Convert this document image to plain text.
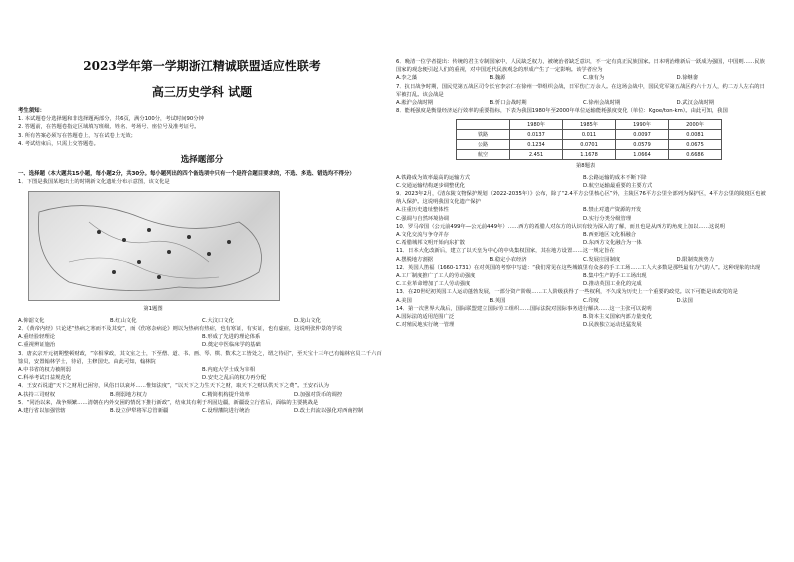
2023学年第一学期浙江精诚联盟适应性联考

高三历史学科 试题

考生须知：

1. 本试题卷分选择题和非选择题两部分，共6页，满分100分，考试时间90分钟

2. 答题前，在答题卷指定区域填写班级、姓名、考场号、座位号及准考证号。

3. 所有答案必须写在答题卷上，写在试卷上无效；

4. 考试结束后，只需上交答题卷。

选择题部分

一、选择题（本大题共15小题，每小题2分，共30分。每小题列出的四个备选项中只有一个是符合题目要求的，不选、多选、错选均不得分）

1．下图是我国某地出土的时期新文化遗址分布示意图，该文化是

第1题图

A.仰韶文化	B.红山文化	C.大汶口文化	D.龙山文化

2．《黄帝内经》只论述“热病之寒而不及其变”，而《伤寒杂病论》则以为热病有热症，也有寒证，有实证，也有虚症，这说明张仲景的学说

A.重经验轻理论	B.形成了先进的理论体系
C.重视辨证施治	D.奠定中医临床学的基础

3．唐玄宗开元初期整顿财政，“宰相掌政，其文室之士，下至僧、道、书、画、琴、棋、数术之工皆处之，谓之待诏”，至天宝十三年已有翰林官员二千六百馀员，安置翰林学士，待诏，主修国史。由此可知，翰林院

A.中书省的权力被削弱	B.内庭大学士成为宰相
C.科举考试日益规范化	D.安史之乱后的权力再分配

4．王安石说道“天下之财用已困穷，风俗日以衰坏……惟知法度”，“以天下之力生天下之财，取天下之财以供天下之费”。王安石认为

A.扶持三司财权	B.削弱地方权力	C.精简机构提升效率	D.加强对货币的调控

5．“同治以来，战争频繁……清朝在内外交困的情况下推行新政”，结束其有利于巩固边疆，新疆设立行省后，面临的主要挑战是

A.建行省以加强管辖	B.设立伊犁将军总管新疆	C.设理藩院进行统治	D.改土归流以强化对西南控制

6．晚清一位学者提出：传统的君主专制国家中，人民缺乏权力，被统治者缺乏意识，不一定有真正民族国家。日本明治维新后一跃成为强国，中国则……民族国家的观念便引起人们的重视，对中国近代民族观念的形成产生了一定影响。该学者应为

A.李之藻	B.魏源	C.康有为	D.徐继畬

7．抗日战争时期，国民党第五战区司令长官李宗仁在徐州一带组织会战，日军伤亡万余人。在这场会战中，国民党军第五战区约六十万人，约二万人左右的日军被打乱。该会战是

A.淞沪会战时期	B.忻口会战时期	C.徐州会战时期	D.武汉会战时期

8．能耗强度是衡量经济运行效率的重要指标，下表为我国1980年至2000年单位运输能耗强度变化（单位：Kgoe/ton-km）。由此可知，我国

	1980年	1985年	1990年	2000年
铁路	0.0137	0.011	0.0097	0.0081
公路	0.1234	0.0701	0.0579	0.0675
航空	2.451	1.1678	1.0664	0.6686

第8题表

A.铁路成为效率最高的运输方式	B.公路运输的成本不断下降
C.交通运输结构逐步调整优化	D.航空运输最重要的主要方式

9．2023年2月，《清东陵文物保护规划（2022-2035年）》公布，除了“2.4平方公里核心区”外，主陵区76平方公里全部列为保护区，4平方公里的陵寝区也被纳入保护。这说明我国文化遗产保护

A.注重历史遗址整体性	B.禁止对遗产资源的开发
C.强调与自然环境协调	D.实行分类分级管理

10．罗马帝国（公元前499年—公元前449年）……西方的希腊人对东方的认识有较为深入的了解，而且也是从西方的角度上加以……这说明

A.文化交流与争夺并存	B.西亚地区文化相融合
C.希腊城邦文明开始向东扩散	D.东西方文化融合为一体

11．日本大化改新后，建立了以天皇为中心的中央集权国家，其在地方设置……这一规定旨在

A.摆脱地方割据	B.稳定小农经济	C.发展庄园制度	D.限制贵族势力

12．英国人笛福（1660-1731）在对英国的考察中写道：“我们常见在这些城镇里有众多的手工工场……工人大多数是那些最有力气的人”。这种现象的出现

A.工厂制度推广了工人的劳动强度	B.集中生产的手工工场出现
C.工业革命增加了工人劳动强度	D.推动英国工业化的完成

13．在20世纪初英国工人运动蓬勃发展，一部分资产阶级……工人阶级获得了一些权利，不久成为历史上一个重要的政党。以下可能是该政党的是

A.美国	B.英国	C.印度	D.法国

14．第一次世界大战后，国际联盟建立国际劳工组织……国际法院对国际事务进行解决……这一主张可以说明

A.国际法的适用范围广泛	B.资本主义国家内部力量变化
C.对殖民地实行统一管理	D.民族独立运动迅猛发展
